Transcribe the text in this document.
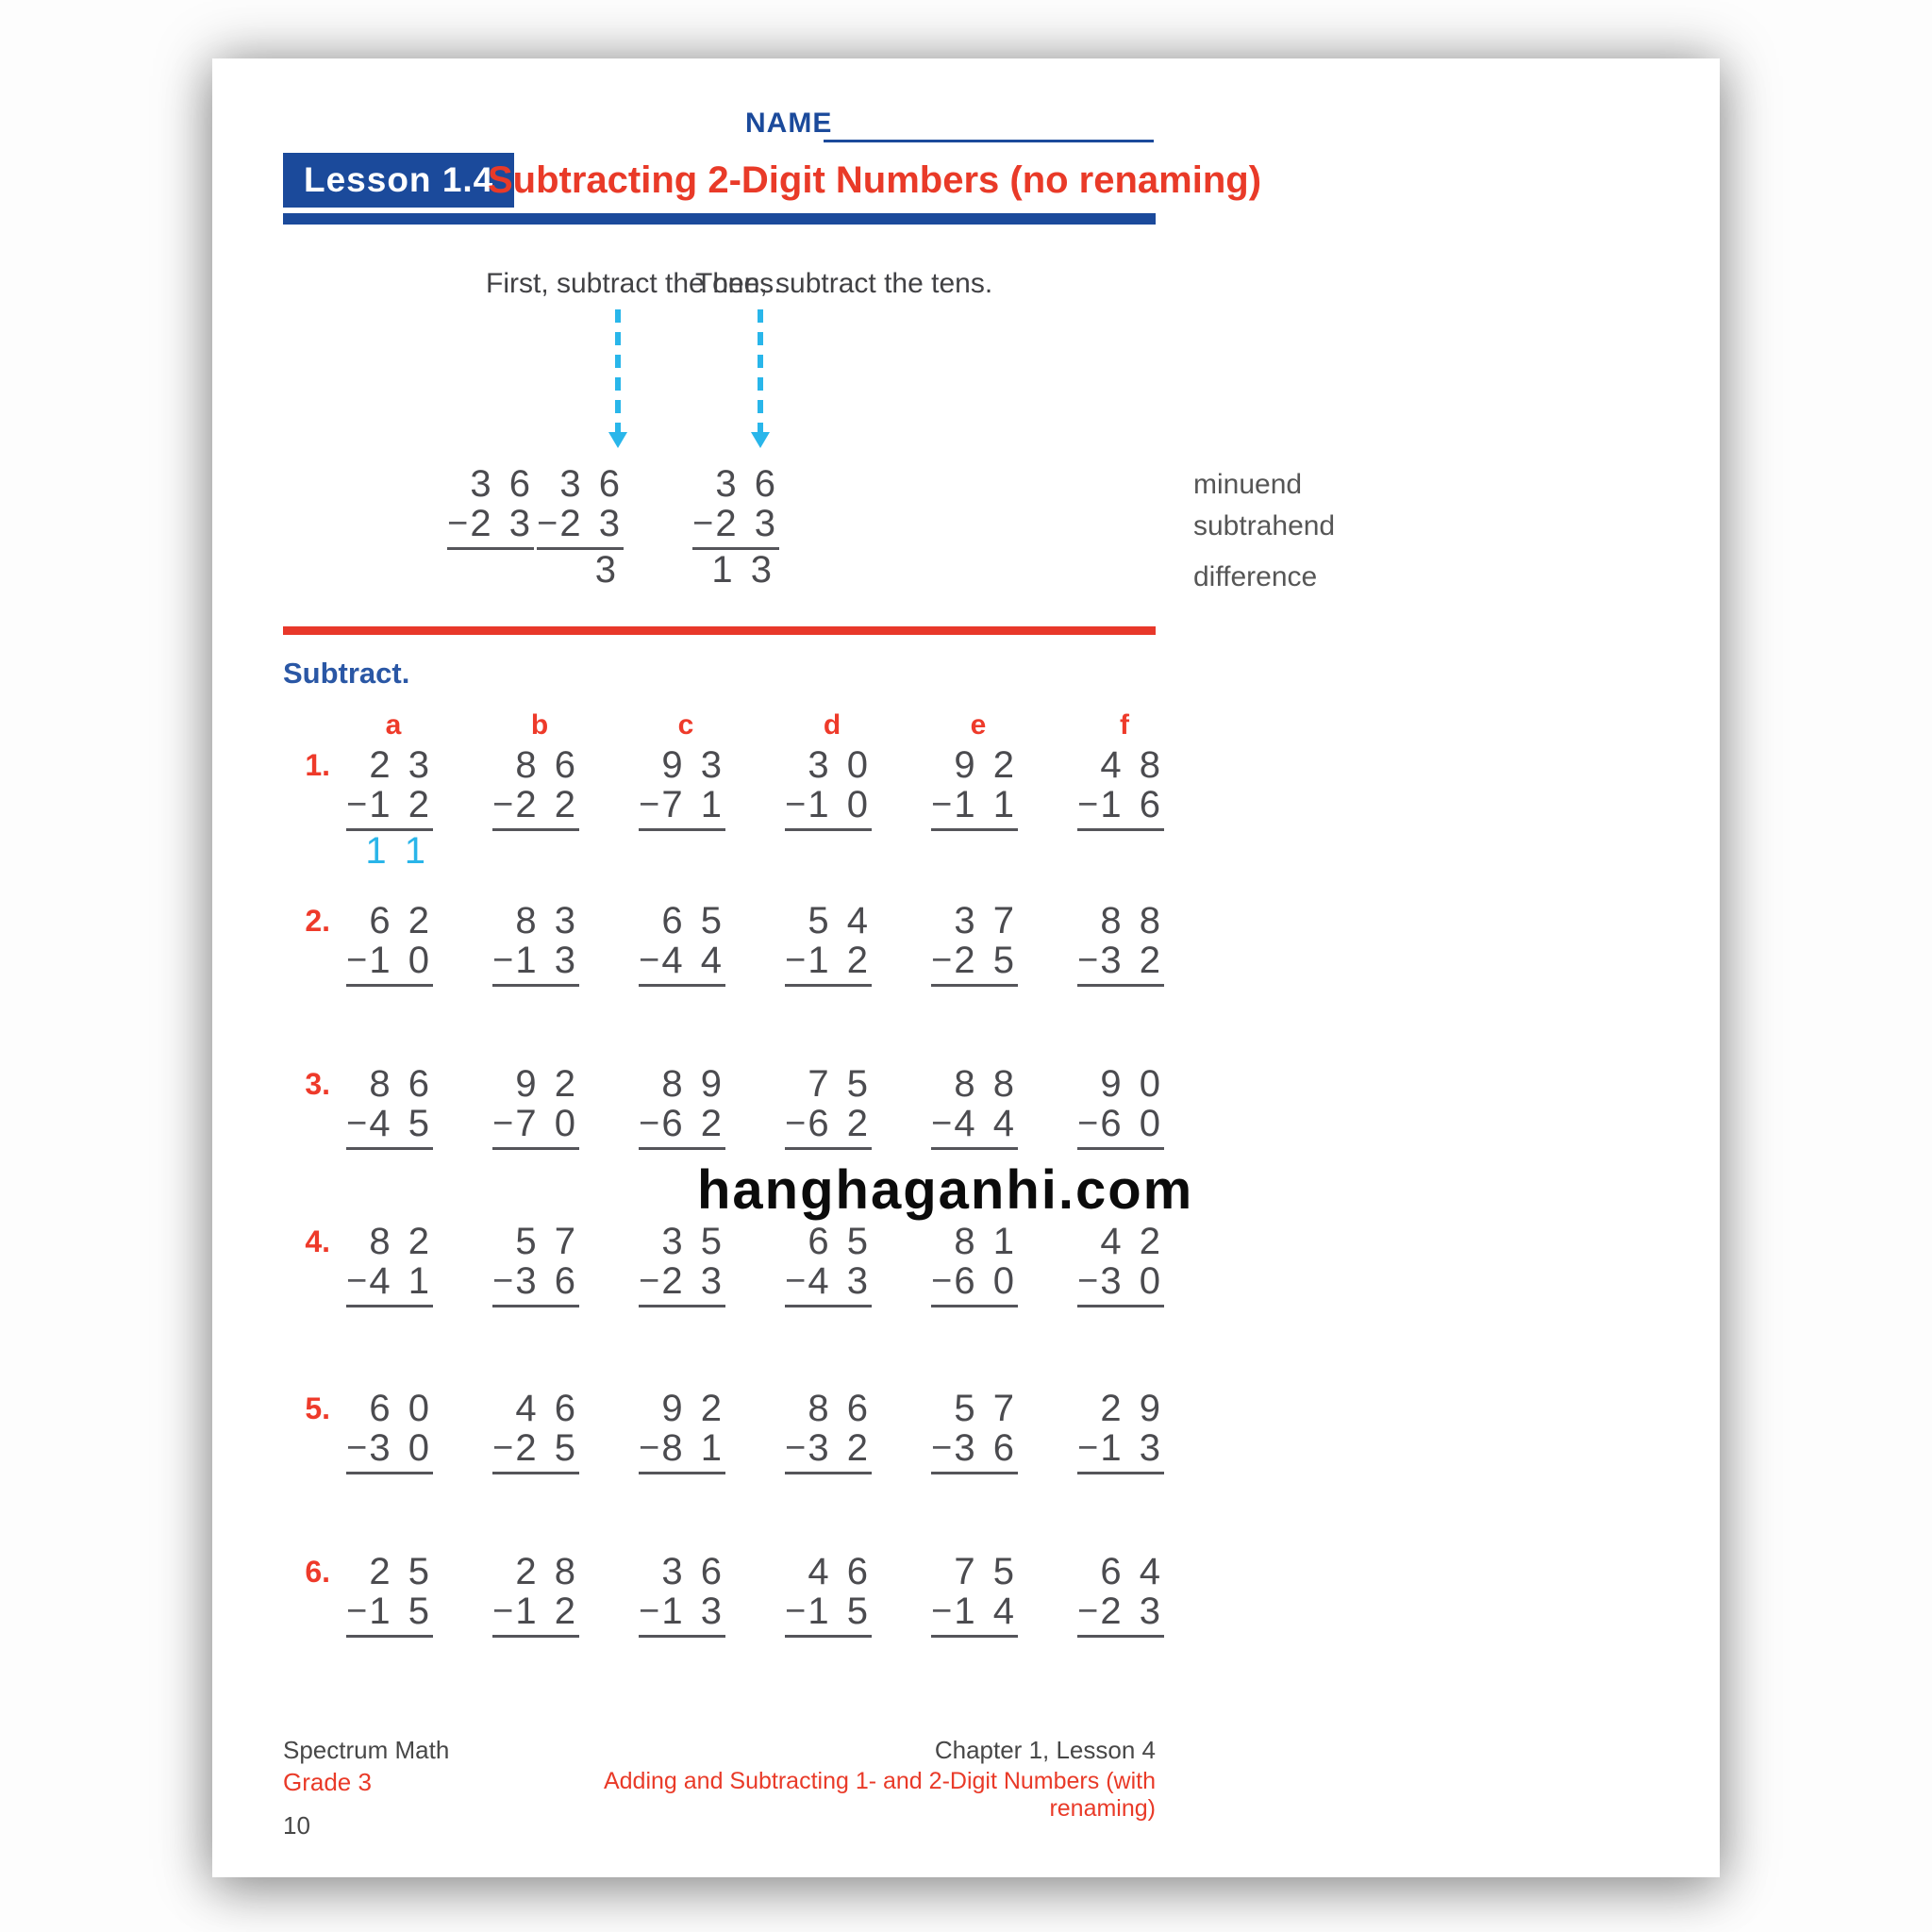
NAME
Lesson 1.4
Subtracting 2-Digit Numbers (no renaming)
First, subtract the ones.
Then, subtract the tens.
minuend
subtrahend
difference
Subtract.
hanghaganhi.com
Spectrum Math
Grade 3
10
Chapter 1, Lesson 4
Adding and Subtracting 1- and 2-Digit Numbers (with renaming)
3 6
− 2 3
3 6
− 2 3
3
3 6
− 2 3
1 3
a	b	c	d	e	f
1.	2 3
− 1 2
1 1
8 6
− 2 2
9 3
− 7 1
3 0
− 1 0
9 2
− 1 1
4 8
− 1 6
2.	6 2
− 1 0
8 3
− 1 3
6 5
− 4 4
5 4
− 1 2
3 7
− 2 5
8 8
− 3 2
3.	8 6
− 4 5
9 2
− 7 0
8 9
− 6 2
7 5
− 6 2
8 8
− 4 4
9 0
− 6 0
4.	8 2
− 4 1
5 7
− 3 6
3 5
− 2 3
6 5
− 4 3
8 1
− 6 0
4 2
− 3 0
5.	6 0
− 3 0
4 6
− 2 5
9 2
− 8 1
8 6
− 3 2
5 7
− 3 6
2 9
− 1 3
6.	2 5
− 1 5
2 8
− 1 2
3 6
− 1 3
4 6
− 1 5
7 5
− 1 4
6 4
− 2 3
